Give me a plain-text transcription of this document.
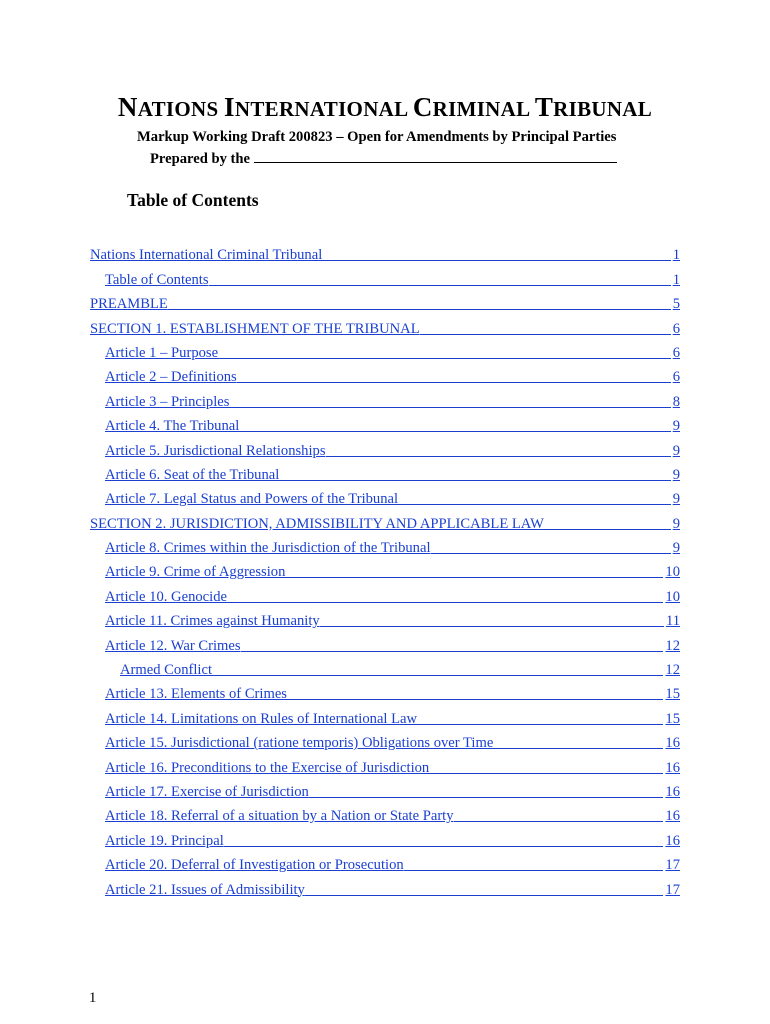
NATIONS INTERNATIONAL CRIMINAL TRIBUNAL

Markup Working Draft 200823 – Open for Amendments by Principal Parties

Prepared by the
Table of Contents
Nations International Criminal Tribunal	1
Table of Contents	1
PREAMBLE	5
SECTION 1. ESTABLISHMENT OF THE TRIBUNAL	6
Article 1 – Purpose	6
Article 2 – Definitions	6
Article 3 – Principles	8
Article 4. The Tribunal	9
Article 5. Jurisdictional Relationships	9
Article 6. Seat of the Tribunal	9
Article 7. Legal Status and Powers of the Tribunal	9
SECTION 2. JURISDICTION, ADMISSIBILITY AND APPLICABLE LAW	9
Article 8. Crimes within the Jurisdiction of the Tribunal	9
Article 9. Crime of Aggression	10
Article 10. Genocide	10
Article 11. Crimes against Humanity	11
Article 12. War Crimes	12
Armed Conflict	12
Article 13. Elements of Crimes	15
Article 14. Limitations on Rules of International Law	15
Article 15. Jurisdictional (ratione temporis) Obligations over Time	16
Article 16. Preconditions to the Exercise of Jurisdiction	16
Article 17. Exercise of Jurisdiction	16
Article 18. Referral of a situation by a Nation or State Party	16
Article 19. Principal	16
Article 20. Deferral of Investigation or Prosecution	17
Article 21. Issues of Admissibility	17
1
